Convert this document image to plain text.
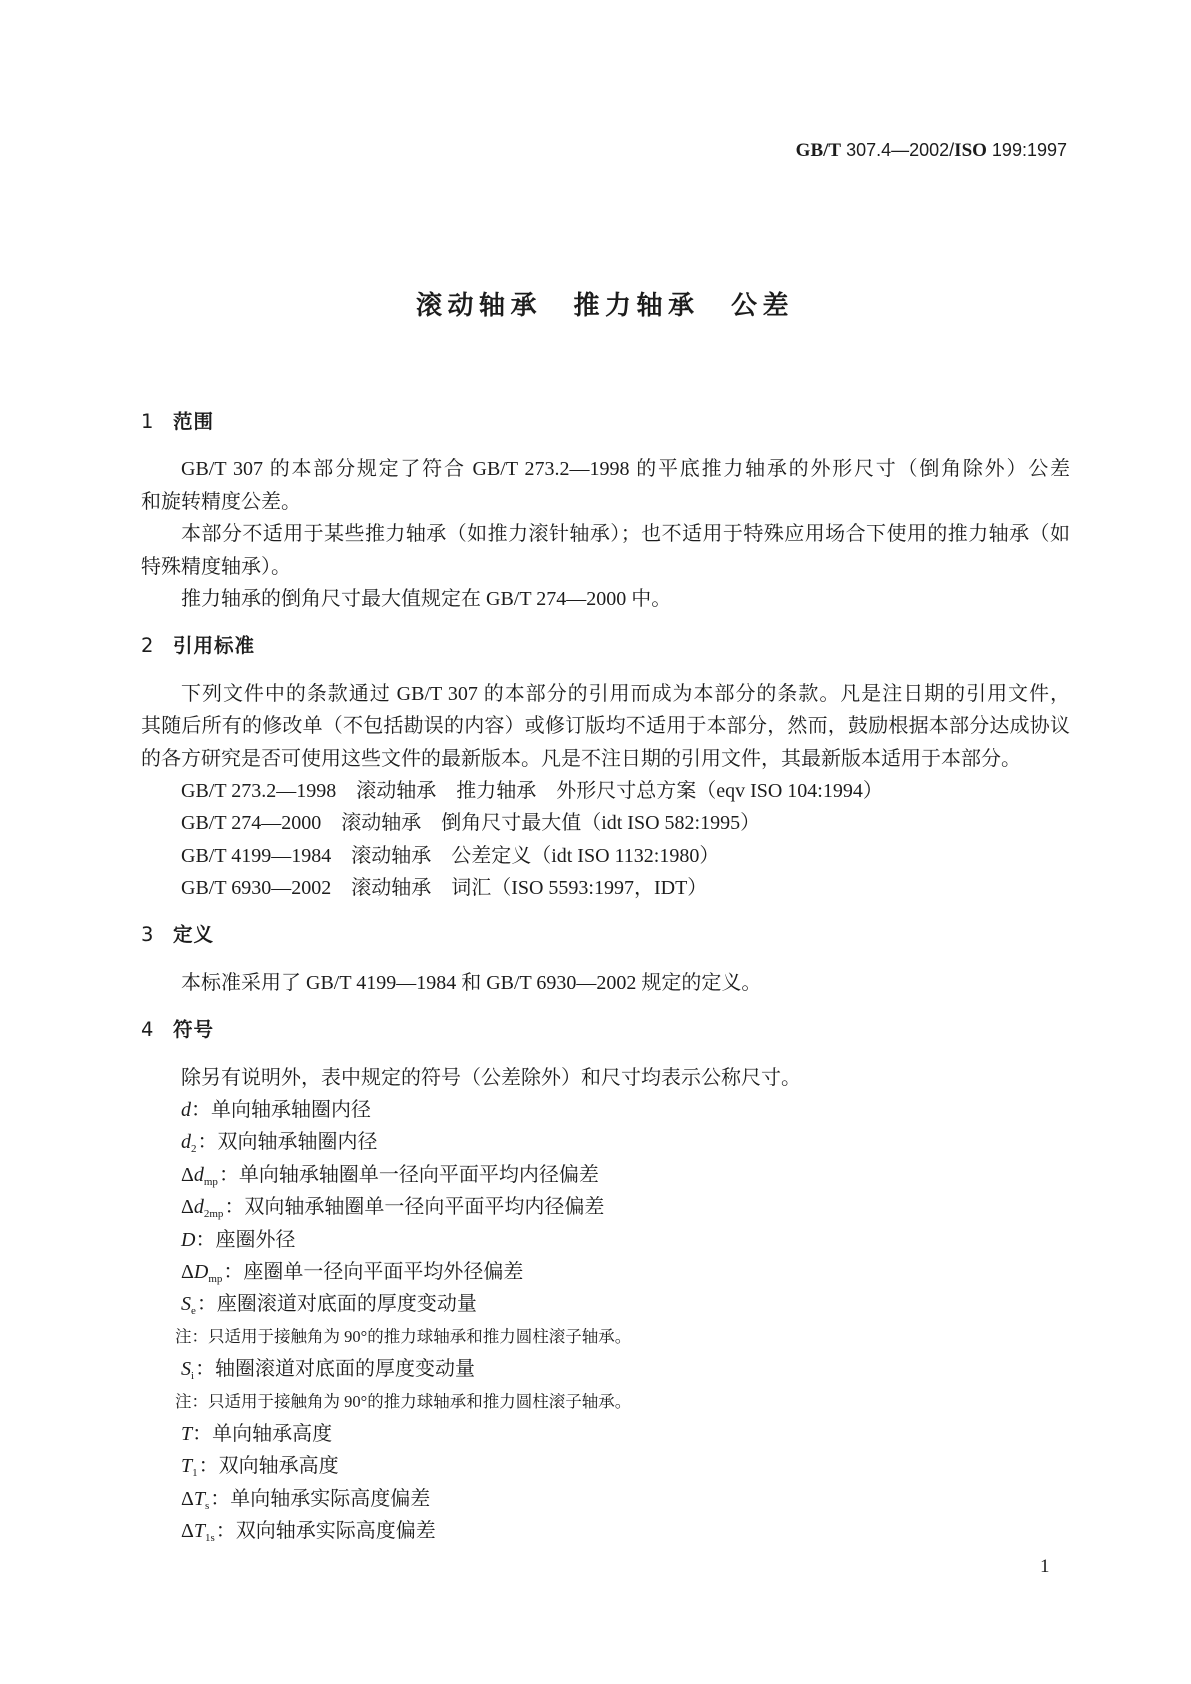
GB/T 307.4—2002/ISO 199:1997
滚动轴承　推力轴承　公差
1 范围
GB/T 307 的本部分规定了符合 GB/T 273.2—1998 的平底推力轴承的外形尺寸（倒角除外）公差
和旋转精度公差。
本部分不适用于某些推力轴承（如推力滚针轴承）；也不适用于特殊应用场合下使用的推力轴承（如
特殊精度轴承）。
推力轴承的倒角尺寸最大值规定在 GB/T 274—2000 中。
2 引用标准
下列文件中的条款通过 GB/T 307 的本部分的引用而成为本部分的条款。凡是注日期的引用文件，
其随后所有的修改单（不包括勘误的内容）或修订版均不适用于本部分，然而，鼓励根据本部分达成协议
的各方研究是否可使用这些文件的最新版本。凡是不注日期的引用文件，其最新版本适用于本部分。
GB/T 273.2—1998　滚动轴承　推力轴承　外形尺寸总方案（eqv ISO 104:1994）
GB/T 274—2000　滚动轴承　倒角尺寸最大值（idt ISO 582:1995）
GB/T 4199—1984　滚动轴承　公差定义（idt ISO 1132:1980）
GB/T 6930—2002　滚动轴承　词汇（ISO 5593:1997，IDT）
3 定义
本标准采用了 GB/T 4199—1984 和 GB/T 6930—2002 规定的定义。
4 符号
除另有说明外，表中规定的符号（公差除外）和尺寸均表示公称尺寸。
d：单向轴承轴圈内径
$d_2$：双向轴承轴圈内径
$\Delta d_{mp}$：单向轴承轴圈单一径向平面平均内径偏差
$\Delta d_{2mp}$：双向轴承轴圈单一径向平面平均内径偏差
D：座圈外径
$\Delta D_{mp}$：座圈单一径向平面平均外径偏差
$S_e$：座圈滚道对底面的厚度变动量
注：只适用于接触角为 90°的推力球轴承和推力圆柱滚子轴承。
$S_i$：轴圈滚道对底面的厚度变动量
注：只适用于接触角为 90°的推力球轴承和推力圆柱滚子轴承。
T：单向轴承高度
$T_1$：双向轴承高度
$\Delta T_s$：单向轴承实际高度偏差
$\Delta T_{1s}$：双向轴承实际高度偏差
1
